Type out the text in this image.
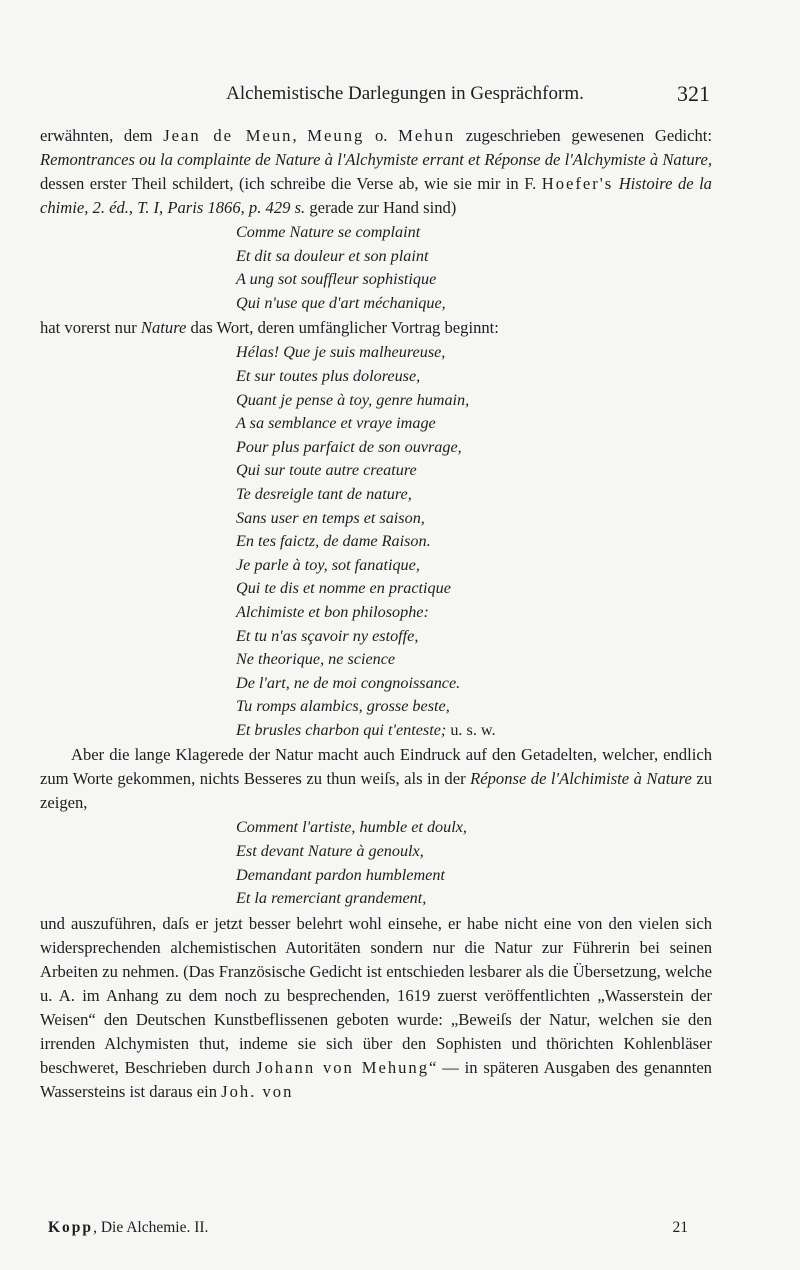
Alchemistische Darlegungen in Gesprächform.	321

erwähnten, dem Jean de Meun, Meung o. Mehun zugeschrieben gewesenen Gedicht: Remontrances ou la complainte de Nature à l'Alchymiste errant et Réponse de l'Alchymiste à Nature, dessen erster Theil schildert, (ich schreibe die Verse ab, wie sie mir in F. Hoefer's Histoire de la chimie, 2. éd., T. I, Paris 1866, p. 429 s. gerade zur Hand sind)

Comme Nature se complaint
Et dit sa douleur et son plaint
A ung sot souffleur sophistique
Qui n'use que d'art méchanique,

hat vorerst nur Nature das Wort, deren umfänglicher Vortrag beginnt:

Hélas! Que je suis malheureuse,
Et sur toutes plus doloreuse,
Quant je pense à toy, genre humain,
A sa semblance et vraye image
Pour plus parfaict de son ouvrage,
Qui sur toute autre creature
Te desreigle tant de nature,
Sans user en temps et saison,
En tes faictz, de dame Raison.
Je parle à toy, sot fanatique,
Qui te dis et nomme en practique
Alchimiste et bon philosophe:
Et tu n'as sçavoir ny estoffe,
Ne theorique, ne science
De l'art, ne de moi congnoissance.
Tu romps alambics, grosse beste,
Et brusles charbon qui t'enteste; u. s. w.

Aber die lange Klagerede der Natur macht auch Eindruck auf den Getadelten, welcher, endlich zum Worte gekommen, nichts Besseres zu thun weiſs, als in der Réponse de l'Alchimiste à Nature zu zeigen,

Comment l'artiste, humble et doulx,
Est devant Nature à genoulx,
Demandant pardon humblement
Et la remerciant grandement,

und auszuführen, daſs er jetzt besser belehrt wohl einsehe, er habe nicht eine von den vielen sich widersprechenden alchemistischen Autoritäten sondern nur die Natur zur Führerin bei seinen Arbeiten zu nehmen. (Das Französische Gedicht ist entschieden lesbarer als die Übersetzung, welche u. A. im Anhang zu dem noch zu besprechenden, 1619 zuerst veröffentlichten „Wasserstein der Weisen“ den Deutschen Kunstbeflissenen geboten wurde: „Beweiſs der Natur, welchen sie den irrenden Alchymisten thut, indeme sie sich über den Sophisten und thörichten Kohlenbläser beschweret, Beschrieben durch Johann von Mehung“ — in späteren Ausgaben des genannten Wassersteins ist daraus ein Joh. von

Kopp, Die Alchemie. II.	21
